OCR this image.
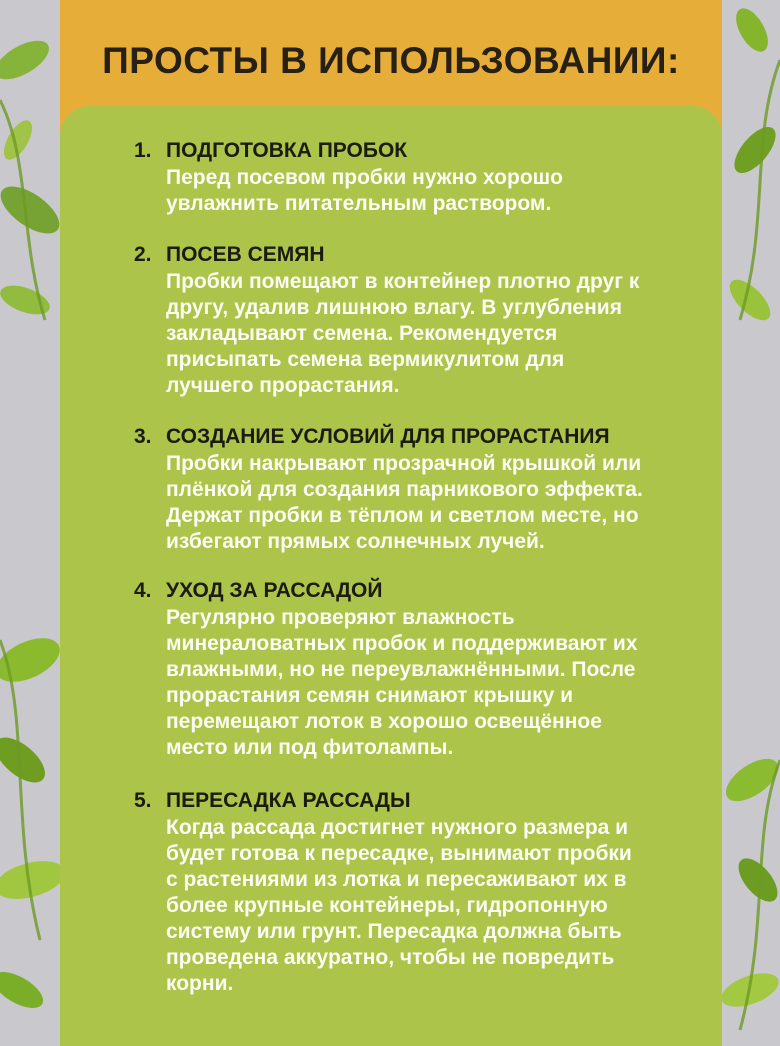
ПРОСТЫ В ИСПОЛЬЗОВАНИИ:
1. ПОДГОТОВКА ПРОБОК
Перед посевом пробки нужно хорошо
увлажнить питательным раствором.
2. ПОСЕВ СЕМЯН
Пробки помещают в контейнер плотно друг к
другу, удалив лишнюю влагу. В углубления
закладывают семена. Рекомендуется
присыпать семена вермикулитом для
лучшего прорастания.
3. СОЗДАНИЕ УСЛОВИЙ ДЛЯ ПРОРАСТАНИЯ
Пробки накрывают прозрачной крышкой или
плёнкой для создания парникового эффекта.
Держат пробки в тёплом и светлом месте, но
избегают прямых солнечных лучей.
4. УХОД ЗА РАССАДОЙ
Регулярно проверяют влажность
минераловатных пробок и поддерживают их
влажными, но не переувлажнёнными. После
прорастания семян снимают крышку и
перемещают лоток в хорошо освещённое
место или под фитолампы.
5. ПЕРЕСАДКА РАССАДЫ
Когда рассада достигнет нужного размера и
будет готова к пересадке, вынимают пробки
с растениями из лотка и пересаживают их в
более крупные контейнеры, гидропонную
систему или грунт. Пересадка должна быть
проведена аккуратно, чтобы не повредить
корни.
